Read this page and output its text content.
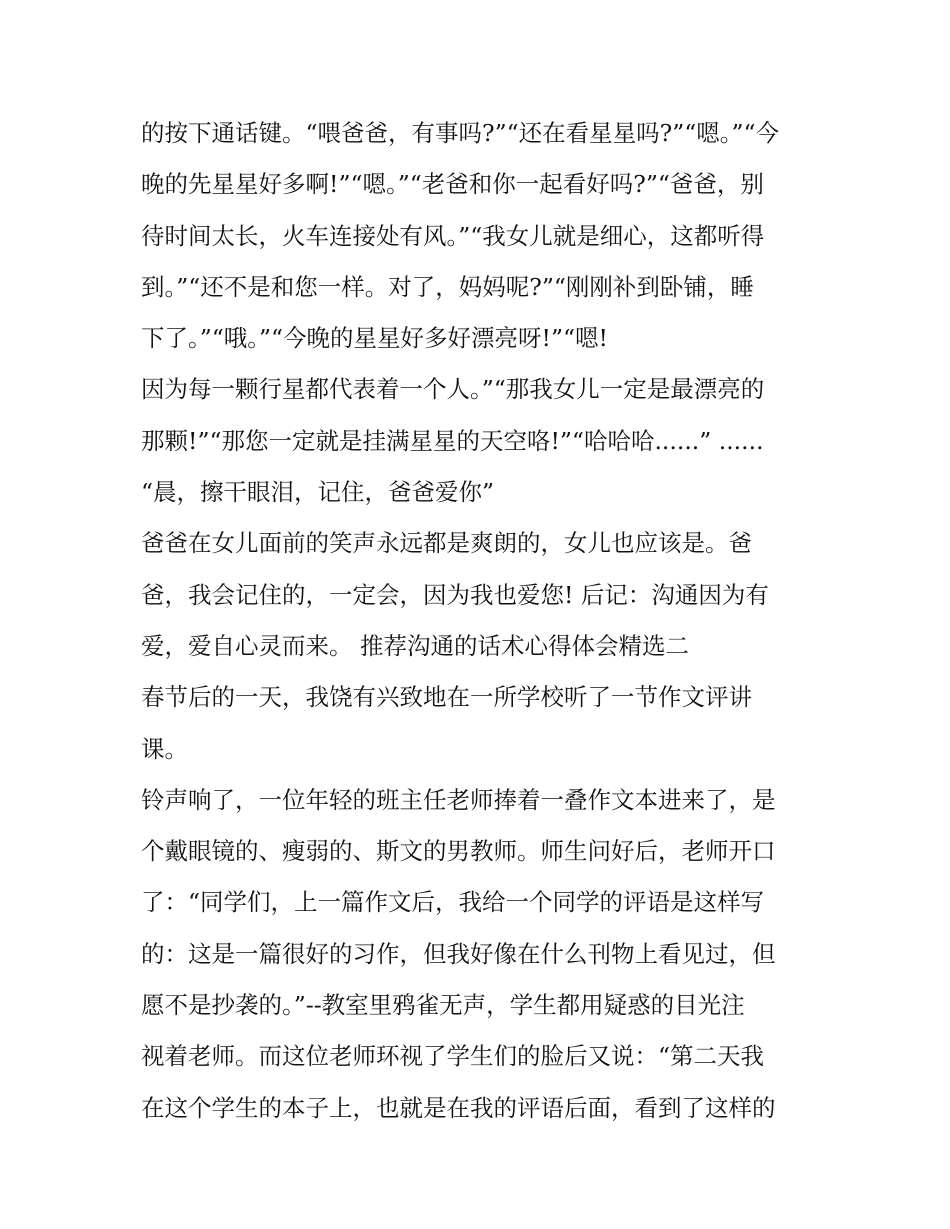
的按下通话键。“喂爸爸，有事吗?”“还在看星星吗?”“嗯。”“今
晚的先星星好多啊!”“嗯。”“老爸和你一起看好吗?”“爸爸，别
待时间太长，火车连接处有风。”“我女儿就是细心，这都听得
到。”“还不是和您一样。对了，妈妈呢?”“刚刚补到卧铺，睡
下了。”“哦。”“今晚的星星好多好漂亮呀!”“嗯!
因为每一颗行星都代表着一个人。”“那我女儿一定是最漂亮的
那颗!”“那您一定就是挂满星星的天空咯!”“哈哈哈......” ......
“晨，擦干眼泪，记住，爸爸爱你”
爸爸在女儿面前的笑声永远都是爽朗的，女儿也应该是。爸
爸，我会记住的，一定会，因为我也爱您! 后记：沟通因为有
爱，爱自心灵而来。 推荐沟通的话术心得体会精选二
春节后的一天，我饶有兴致地在一所学校听了一节作文评讲
课。
铃声响了，一位年轻的班主任老师捧着一叠作文本进来了，是
个戴眼镜的、瘦弱的、斯文的男教师。师生问好后，老师开口
了：“同学们，上一篇作文后，我给一个同学的评语是这样写
的：这是一篇很好的习作，但我好像在什么刊物上看见过，但
愿不是抄袭的。”--教室里鸦雀无声，学生都用疑惑的目光注
视着老师。而这位老师环视了学生们的脸后又说：“第二天我
在这个学生的本子上，也就是在我的评语后面，看到了这样的
